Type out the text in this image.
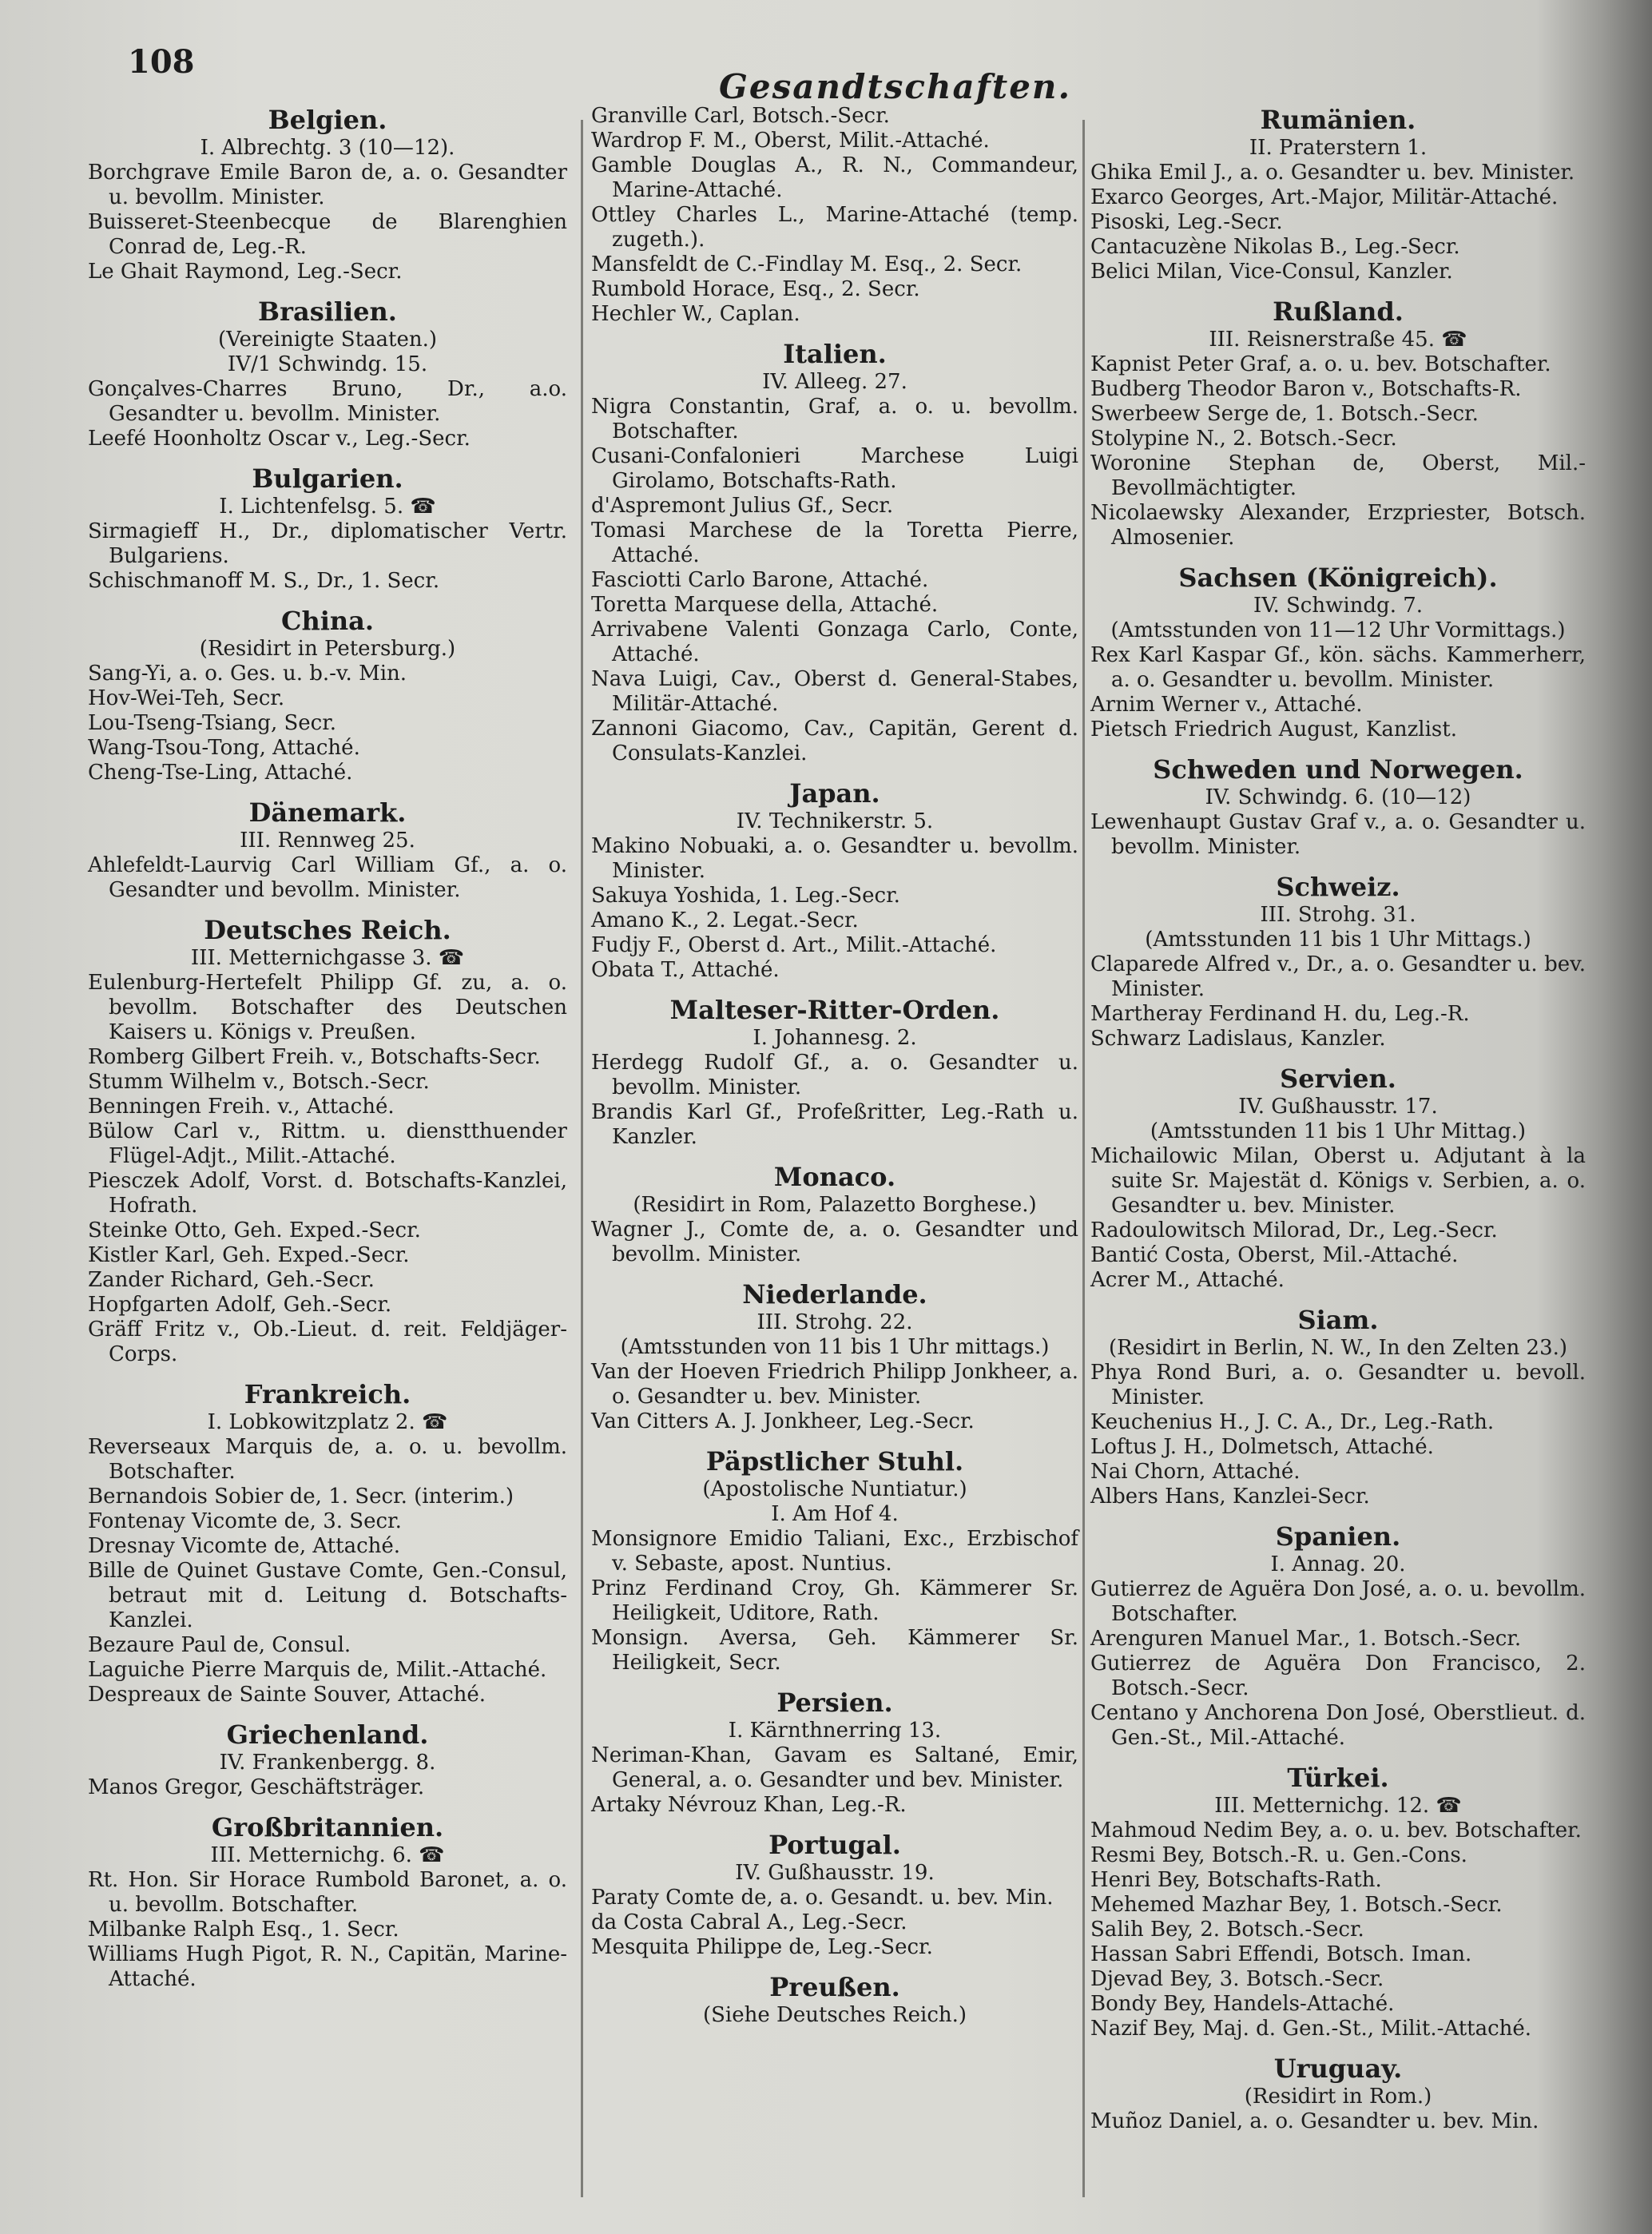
108
Gesandtschaften.
Belgien.
I. Albrechtg. 3 (10—12).
Borchgrave Emile Baron de, a. o. Gesandter u. bevollm. Minister.
Buisseret-Steenbecque de Blarenghien Conrad de, Leg.-R.
Le Ghait Raymond, Leg.-Secr.
Brasilien.
(Vereinigte Staaten.)
IV/1 Schwindg. 15.
Gonçalves-Charres Bruno, Dr., a.o. Gesandter u. bevollm. Minister.
Leefé Hoonholtz Oscar v., Leg.-Secr.
Bulgarien.
I. Lichtenfelsg. 5. ☎
Sirmagieff H., Dr., diplomatischer Vertr. Bulgariens.
Schischmanoff M. S., Dr., 1. Secr.
China.
(Residirt in Petersburg.)
Sang-Yi, a. o. Ges. u. b.-v. Min.
Hov-Wei-Teh, Secr.
Lou-Tseng-Tsiang, Secr.
Wang-Tsou-Tong, Attaché.
Cheng-Tse-Ling, Attaché.
Dänemark.
III. Rennweg 25.
Ahlefeldt-Laurvig Carl William Gf., a. o. Gesandter und bevollm. Minister.
Deutsches Reich.
III. Metternichgasse 3. ☎
Eulenburg-Hertefelt Philipp Gf. zu, a. o. bevollm. Botschafter des Deutschen Kaisers u. Königs v. Preußen.
Romberg Gilbert Freih. v., Botschafts-Secr.
Stumm Wilhelm v., Botsch.-Secr.
Benningen Freih. v., Attaché.
Bülow Carl v., Rittm. u. dienstthuender Flügel-Adjt., Milit.-Attaché.
Piesczek Adolf, Vorst. d. Botschafts-Kanzlei, Hofrath.
Steinke Otto, Geh. Exped.-Secr.
Kistler Karl, Geh. Exped.-Secr.
Zander Richard, Geh.-Secr.
Hopfgarten Adolf, Geh.-Secr.
Gräff Fritz v., Ob.-Lieut. d. reit. Feldjäger-Corps.
Frankreich.
I. Lobkowitzplatz 2. ☎
Reverseaux Marquis de, a. o. u. bevollm. Botschafter.
Bernandois Sobier de, 1. Secr. (interim.)
Fontenay Vicomte de, 3. Secr.
Dresnay Vicomte de, Attaché.
Bille de Quinet Gustave Comte, Gen.-Consul, betraut mit d. Leitung d. Botschafts-Kanzlei.
Bezaure Paul de, Consul.
Laguiche Pierre Marquis de, Milit.-Attaché.
Despreaux de Sainte Souver, Attaché.
Griechenland.
IV. Frankenbergg. 8.
Manos Gregor, Geschäftsträger.
Großbritannien.
III. Metternichg. 6. ☎
Rt. Hon. Sir Horace Rumbold Baronet, a. o. u. bevollm. Botschafter.
Milbanke Ralph Esq., 1. Secr.
Williams Hugh Pigot, R. N., Capitän, Marine-Attaché.
Granville Carl, Botsch.-Secr.
Wardrop F. M., Oberst, Milit.-Attaché.
Gamble Douglas A., R. N., Commandeur, Marine-Attaché.
Ottley Charles L., Marine-Attaché (temp. zugeth.).
Mansfeldt de C.-Findlay M. Esq., 2. Secr.
Rumbold Horace, Esq., 2. Secr.
Hechler W., Caplan.
Italien.
IV. Alleeg. 27.
Nigra Constantin, Graf, a. o. u. bevollm. Botschafter.
Cusani-Confalonieri Marchese Luigi Girolamo, Botschafts-Rath.
d'Aspremont Julius Gf., Secr.
Tomasi Marchese de la Toretta Pierre, Attaché.
Fasciotti Carlo Barone, Attaché.
Toretta Marquese della, Attaché.
Arrivabene Valenti Gonzaga Carlo, Conte, Attaché.
Nava Luigi, Cav., Oberst d. General-Stabes, Militär-Attaché.
Zannoni Giacomo, Cav., Capitän, Gerent d. Consulats-Kanzlei.
Japan.
IV. Technikerstr. 5.
Makino Nobuaki, a. o. Gesandter u. bevollm. Minister.
Sakuya Yoshida, 1. Leg.-Secr.
Amano K., 2. Legat.-Secr.
Fudjy F., Oberst d. Art., Milit.-Attaché.
Obata T., Attaché.
Malteser-Ritter-Orden.
I. Johannesg. 2.
Herdegg Rudolf Gf., a. o. Gesandter u. bevollm. Minister.
Brandis Karl Gf., Profeßritter, Leg.-Rath u. Kanzler.
Monaco.
(Residirt in Rom, Palazetto Borghese.)
Wagner J., Comte de, a. o. Gesandter und bevollm. Minister.
Niederlande.
III. Strohg. 22.
(Amtsstunden von 11 bis 1 Uhr mittags.)
Van der Hoeven Friedrich Philipp Jonkheer, a. o. Gesandter u. bev. Minister.
Van Citters A. J. Jonkheer, Leg.-Secr.
Päpstlicher Stuhl.
(Apostolische Nuntiatur.)
I. Am Hof 4.
Monsignore Emidio Taliani, Exc., Erzbischof v. Sebaste, apost. Nuntius.
Prinz Ferdinand Croy, Gh. Kämmerer Sr. Heiligkeit, Uditore, Rath.
Monsign. Aversa, Geh. Kämmerer Sr. Heiligkeit, Secr.
Persien.
I. Kärnthnerring 13.
Neriman-Khan, Gavam es Saltané, Emir, General, a. o. Gesandter und bev. Minister.
Artaky Névrouz Khan, Leg.-R.
Portugal.
IV. Gußhausstr. 19.
Paraty Comte de, a. o. Gesandt. u. bev. Min.
da Costa Cabral A., Leg.-Secr.
Mesquita Philippe de, Leg.-Secr.
Preußen.
(Siehe Deutsches Reich.)
Rumänien.
II. Praterstern 1.
Ghika Emil J., a. o. Gesandter u. bev. Minister.
Exarco Georges, Art.-Major, Militär-Attaché.
Pisoski, Leg.-Secr.
Cantacuzène Nikolas B., Leg.-Secr.
Belici Milan, Vice-Consul, Kanzler.
Rußland.
III. Reisnerstraße 45. ☎
Kapnist Peter Graf, a. o. u. bev. Botschafter.
Budberg Theodor Baron v., Botschafts-R.
Swerbeew Serge de, 1. Botsch.-Secr.
Stolypine N., 2. Botsch.-Secr.
Woronine Stephan de, Oberst, Mil.-Bevollmächtigter.
Nicolaewsky Alexander, Erzpriester, Botsch. Almosenier.
Sachsen (Königreich).
IV. Schwindg. 7.
(Amtsstunden von 11—12 Uhr Vormittags.)
Rex Karl Kaspar Gf., kön. sächs. Kammerherr, a. o. Gesandter u. bevollm. Minister.
Arnim Werner v., Attaché.
Pietsch Friedrich August, Kanzlist.
Schweden und Norwegen.
IV. Schwindg. 6. (10—12)
Lewenhaupt Gustav Graf v., a. o. Gesandter u. bevollm. Minister.
Schweiz.
III. Strohg. 31.
(Amtsstunden 11 bis 1 Uhr Mittags.)
Claparede Alfred v., Dr., a. o. Gesandter u. bev. Minister.
Martheray Ferdinand H. du, Leg.-R.
Schwarz Ladislaus, Kanzler.
Servien.
IV. Gußhausstr. 17.
(Amtsstunden 11 bis 1 Uhr Mittag.)
Michailowic Milan, Oberst u. Adjutant à la suite Sr. Majestät d. Königs v. Serbien, a. o. Gesandter u. bev. Minister.
Radoulowitsch Milorad, Dr., Leg.-Secr.
Bantić Costa, Oberst, Mil.-Attaché.
Acrer M., Attaché.
Siam.
(Residirt in Berlin, N. W., In den Zelten 23.)
Phya Rond Buri, a. o. Gesandter u. bevoll. Minister.
Keuchenius H., J. C. A., Dr., Leg.-Rath.
Loftus J. H., Dolmetsch, Attaché.
Nai Chorn, Attaché.
Albers Hans, Kanzlei-Secr.
Spanien.
I. Annag. 20.
Gutierrez de Aguëra Don José, a. o. u. bevollm. Botschafter.
Arenguren Manuel Mar., 1. Botsch.-Secr.
Gutierrez de Aguëra Don Francisco, 2. Botsch.-Secr.
Centano y Anchorena Don José, Oberstlieut. d. Gen.-St., Mil.-Attaché.
Türkei.
III. Metternichg. 12. ☎
Mahmoud Nedim Bey, a. o. u. bev. Botschafter.
Resmi Bey, Botsch.-R. u. Gen.-Cons.
Henri Bey, Botschafts-Rath.
Mehemed Mazhar Bey, 1. Botsch.-Secr.
Salih Bey, 2. Botsch.-Secr.
Hassan Sabri Effendi, Botsch. Iman.
Djevad Bey, 3. Botsch.-Secr.
Bondy Bey, Handels-Attaché.
Nazif Bey, Maj. d. Gen.-St., Milit.-Attaché.
Uruguay.
(Residirt in Rom.)
Muñoz Daniel, a. o. Gesandter u. bev. Min.
